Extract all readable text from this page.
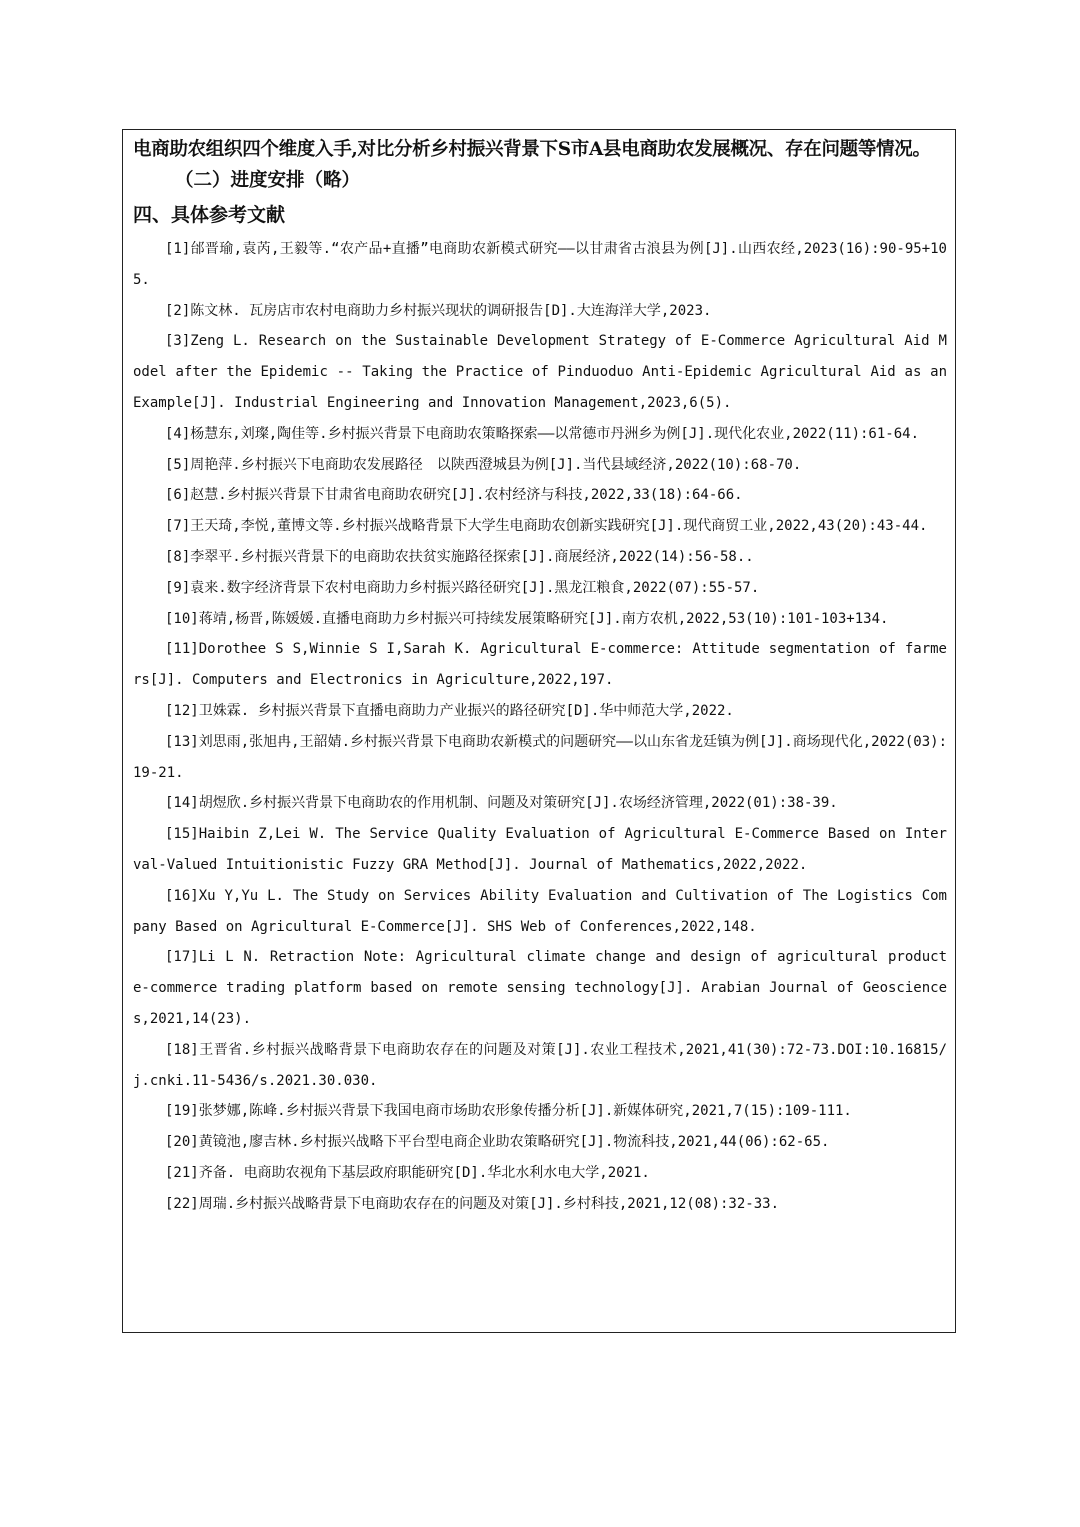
电商助农组织四个维度入手,对比分析乡村振兴背景下S市A县电商助农发展概况、存在问题等情况。
（二）进度安排（略）
四、具体参考文献
[1]邰晋瑜,袁芮,王毅等.“农产品+直播”电商助农新模式研究——以甘肃省古浪县为例[J].山西农经,2023(16):90-95+105.
[2]陈文林. 瓦房店市农村电商助力乡村振兴现状的调研报告[D].大连海洋大学,2023.
[3]Zeng L. Research on the Sustainable Development Strategy of E-Commerce Agricultural Aid Model after the Epidemic -- Taking the Practice of Pinduoduo Anti-Epidemic Agricultural Aid as an Example[J]. Industrial Engineering and Innovation Management,2023,6(5).
[4]杨慧东,刘璨,陶佳等.乡村振兴背景下电商助农策略探索——以常德市丹洲乡为例[J].现代化农业,2022(11):61-64.
[5]周艳萍.乡村振兴下电商助农发展路径　以陕西澄城县为例[J].当代县域经济,2022(10):68-70.
[6]赵慧.乡村振兴背景下甘肃省电商助农研究[J].农村经济与科技,2022,33(18):64-66.
[7]王天琦,李悦,董博文等.乡村振兴战略背景下大学生电商助农创新实践研究[J].现代商贸工业,2022,43(20):43-44.
[8]李翠平.乡村振兴背景下的电商助农扶贫实施路径探索[J].商展经济,2022(14):56-58..
[9]袁来.数字经济背景下农村电商助力乡村振兴路径研究[J].黑龙江粮食,2022(07):55-57.
[10]蒋靖,杨晋,陈媛媛.直播电商助力乡村振兴可持续发展策略研究[J].南方农机,2022,53(10):101-103+134.
[11]Dorothee S S,Winnie S I,Sarah K. Agricultural E-commerce: Attitude segmentation of farmers[J]. Computers and Electronics in Agriculture,2022,197.
[12]卫姝霖. 乡村振兴背景下直播电商助力产业振兴的路径研究[D].华中师范大学,2022.
[13]刘思雨,张旭冉,王韶婧.乡村振兴背景下电商助农新模式的问题研究——以山东省龙廷镇为例[J].商场现代化,2022(03):19-21.
[14]胡煜欣.乡村振兴背景下电商助农的作用机制、问题及对策研究[J].农场经济管理,2022(01):38-39.
[15]Haibin Z,Lei W. The Service Quality Evaluation of Agricultural E-Commerce Based on Interval-Valued Intuitionistic Fuzzy GRA Method[J]. Journal of Mathematics,2022,2022.
[16]Xu Y,Yu L. The Study on Services Ability Evaluation and Cultivation of The Logistics Company Based on Agricultural E-Commerce[J]. SHS Web of Conferences,2022,148.
[17]Li L N. Retraction Note: Agricultural climate change and design of agricultural product e-commerce trading platform based on remote sensing technology[J]. Arabian Journal of Geosciences,2021,14(23).
[18]王晋省.乡村振兴战略背景下电商助农存在的问题及对策[J].农业工程技术,2021,41(30):72-73.DOI:10.16815/j.cnki.11-5436/s.2021.30.030.
[19]张梦娜,陈峰.乡村振兴背景下我国电商市场助农形象传播分析[J].新媒体研究,2021,7(15):109-111.
[20]黄镜池,廖吉林.乡村振兴战略下平台型电商企业助农策略研究[J].物流科技,2021,44(06):62-65.
[21]齐备. 电商助农视角下基层政府职能研究[D].华北水利水电大学,2021.
[22]周瑞.乡村振兴战略背景下电商助农存在的问题及对策[J].乡村科技,2021,12(08):32-33.
